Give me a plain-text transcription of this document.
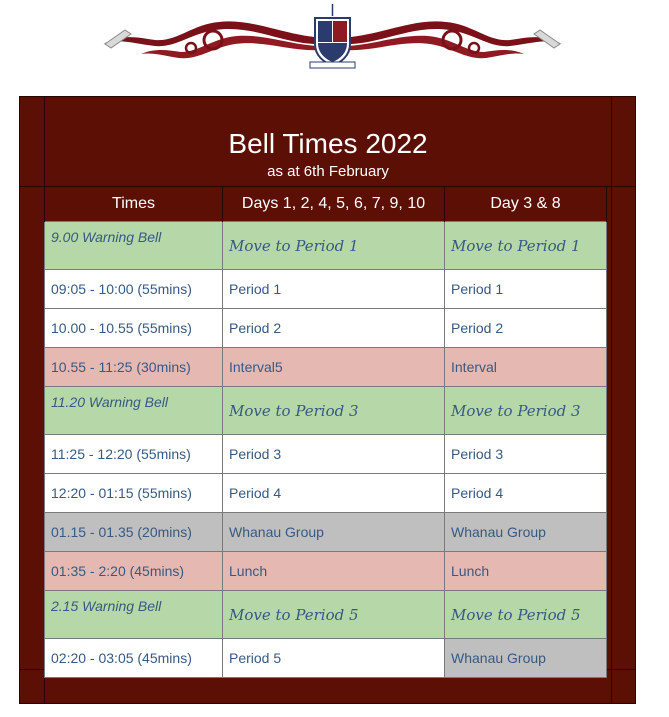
Bell Times 2022
as at 6th February
Times	Days 1, 2, 4, 5, 6, 7, 9, 10	Day 3 & 8
9.00 Warning Bell	Move to Period 1	Move to Period 1
09:05 - 10:00 (55mins)	Period 1	Period 1
10.00 - 10.55 (55mins)	Period 2	Period 2
10.55 - 11:25 (30mins)	Interval5	Interval
11.20 Warning Bell	Move to Period 3	Move to Period 3
11:25 - 12:20 (55mins)	Period 3	Period 3
12:20 - 01:15 (55mins)	Period 4	Period 4
01.15 - 01.35 (20mins)	Whanau Group	Whanau Group
01:35 - 2:20 (45mins)	Lunch	Lunch
2.15 Warning Bell	Move to Period 5	Move to Period 5
02:20 - 03:05 (45mins)	Period 5	Whanau Group
